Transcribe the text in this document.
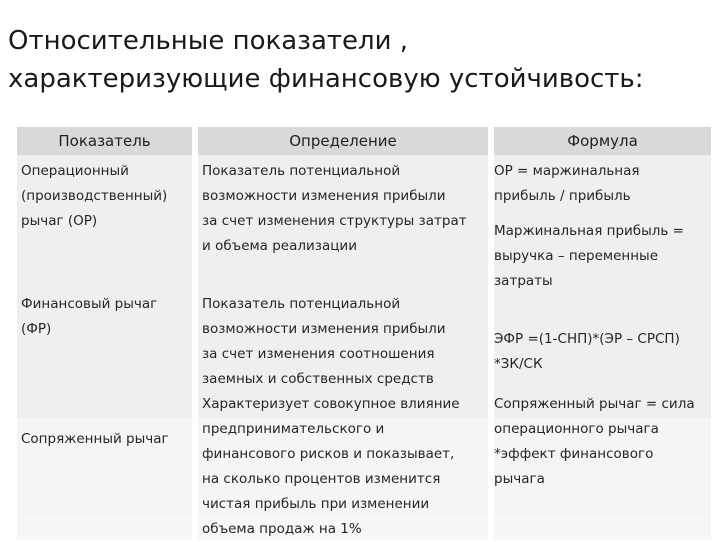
Относительные показатели ,
характеризующие финансовую устойчивость:
Показатель	Определение	Формула
Операционный
(производственный)
рычаг (ОР)
Показатель потенциальной
возможности изменения прибыли
за счет изменения структуры затрат
и объема реализации
ОР = маржинальная
прибыль / прибыль
Маржинальная прибыль =
выручка – переменные
затраты
Финансовый рычаг
(ФР)
Показатель потенциальной
возможности изменения прибыли
за счет изменения соотношения
заемных и собственных средств
ЭФР =(1-СНП)*(ЭР – СРСП)
*ЗК/СК
Сопряженный рычаг
Характеризует совокупное влияние
предпринимательского и
финансового рисков и показывает,
на сколько процентов изменится
чистая прибыль при изменении
объема продаж на 1%
Сопряженный рычаг = сила
операционного рычага
*эффект финансового
рычага
